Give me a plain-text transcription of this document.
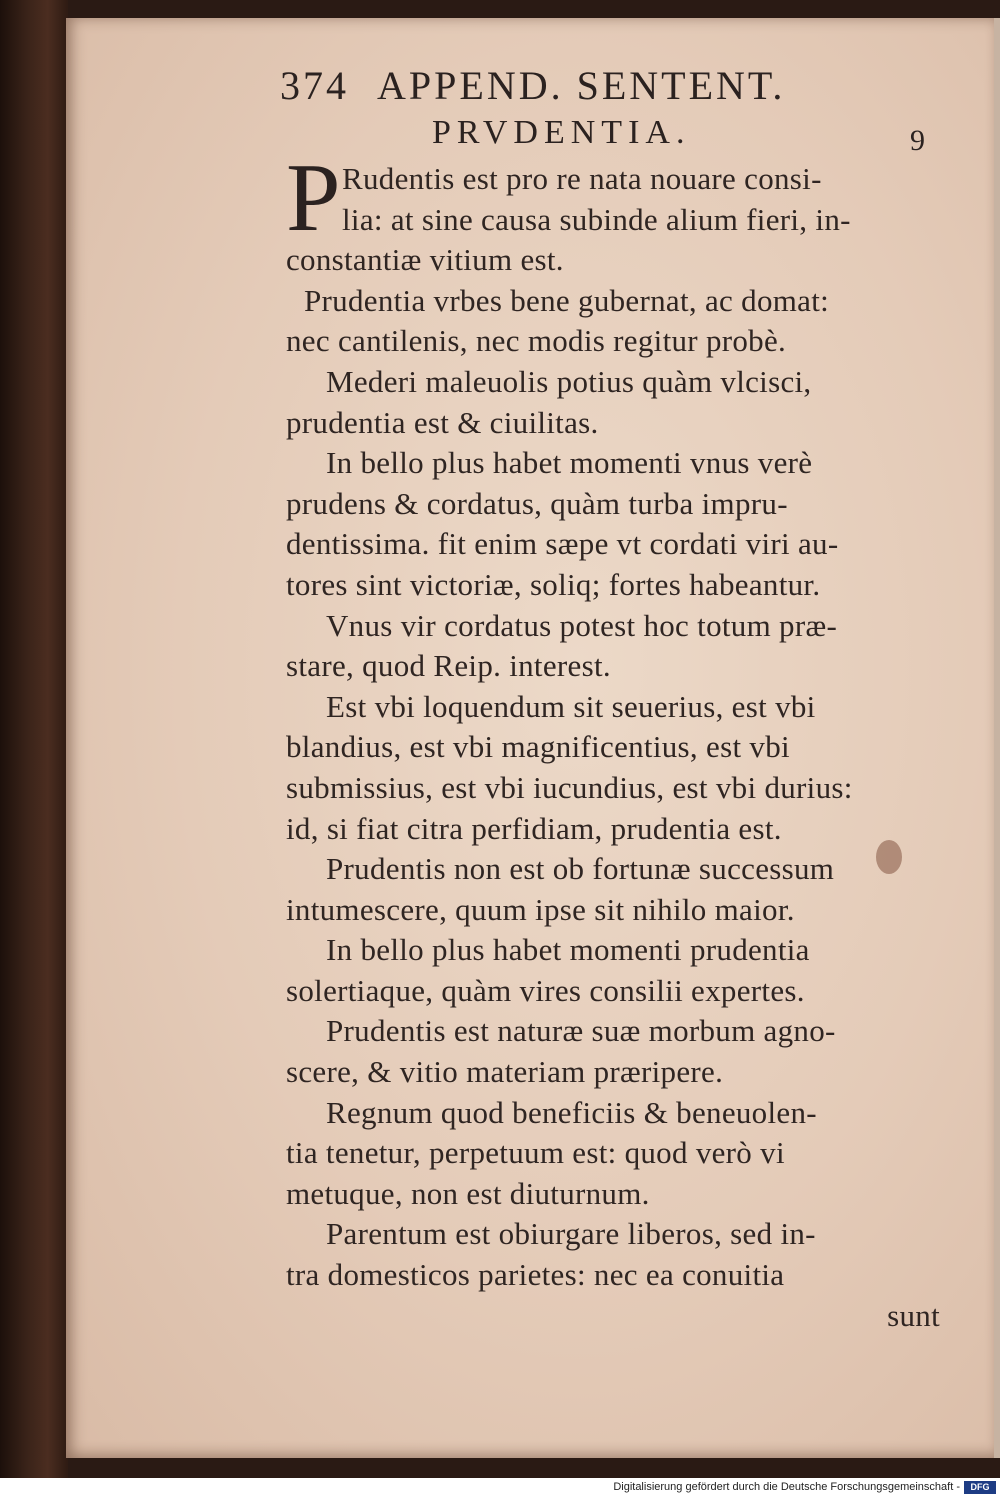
374 APPEND. SENTENT.
PRVDENTIA.	9
P Rudentis est pro re nata nouare consi-
lia: at sine causa subinde alium fieri, in-
constantiæ vitium est.
Prudentia vrbes bene gubernat, ac domat:
nec cantilenis, nec modis regitur probè.
Mederi maleuolis potius quàm vlcisci,
prudentia est & ciuilitas.
In bello plus habet momenti vnus verè
prudens & cordatus, quàm turba impru-
dentissima. fit enim sæpe vt cordati viri au-
tores sint victoriæ, soliq; fortes habeantur.
Vnus vir cordatus potest hoc totum præ-
stare, quod Reip. interest.
Est vbi loquendum sit seuerius, est vbi
blandius, est vbi magnificentius, est vbi
submissius, est vbi iucundius, est vbi durius:
id, si fiat citra perfidiam, prudentia est.
Prudentis non est ob fortunæ successum
intumescere, quum ipse sit nihilo maior.
In bello plus habet momenti prudentia
solertiaque, quàm vires consilii expertes.
Prudentis est naturæ suæ morbum agno-
scere, & vitio materiam præripere.
Regnum quod beneficiis & beneuolen-
tia tenetur, perpetuum est: quod verò vi
metuque, non est diuturnum.
Parentum est obiurgare liberos, sed in-
tra domesticos parietes: nec ea conuitia
sunt
Digitalisierung gefördert durch die Deutsche Forschungsgemeinschaft -	DFG
